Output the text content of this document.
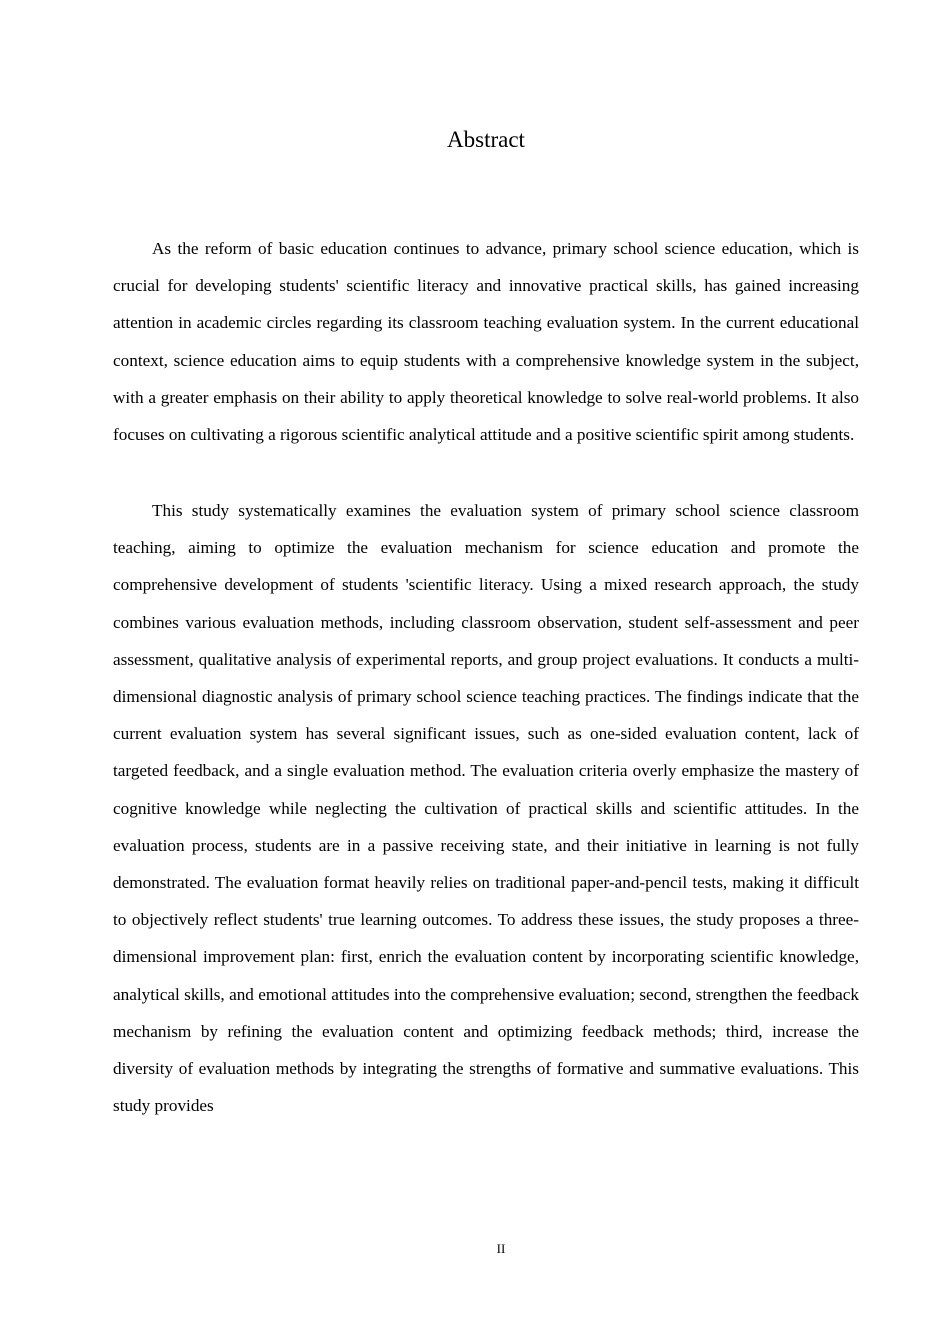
Abstract

As the reform of basic education continues to advance, primary school science education, which is crucial for developing students' scientific literacy and innovative practical skills, has gained increasing attention in academic circles regarding its classroom teaching evaluation system. In the current educational context, science education aims to equip students with a comprehensive knowledge system in the subject, with a greater emphasis on their ability to apply theoretical knowledge to solve real-world problems. It also focuses on cultivating a rigorous scientific analytical attitude and a positive scientific spirit among students.

This study systematically examines the evaluation system of primary school science classroom teaching, aiming to optimize the evaluation mechanism for science education and promote the comprehensive development of students 'scientific literacy. Using a mixed research approach, the study combines various evaluation methods, including classroom observation, student self-assessment and peer assessment, qualitative analysis of experimental reports, and group project evaluations. It conducts a multi-dimensional diagnostic analysis of primary school science teaching practices. The findings indicate that the current evaluation system has several significant issues, such as one-sided evaluation content, lack of targeted feedback, and a single evaluation method. The evaluation criteria overly emphasize the mastery of cognitive knowledge while neglecting the cultivation of practical skills and scientific attitudes. In the evaluation process, students are in a passive receiving state, and their initiative in learning is not fully demonstrated. The evaluation format heavily relies on traditional paper-and-pencil tests, making it difficult to objectively reflect students' true learning outcomes. To address these issues, the study proposes a three-dimensional improvement plan: first, enrich the evaluation content by incorporating scientific knowledge, analytical skills, and emotional attitudes into the comprehensive evaluation; second, strengthen the feedback mechanism by refining the evaluation content and optimizing feedback methods; third, increase the diversity of evaluation methods by integrating the strengths of formative and summative evaluations. This study provides

II
